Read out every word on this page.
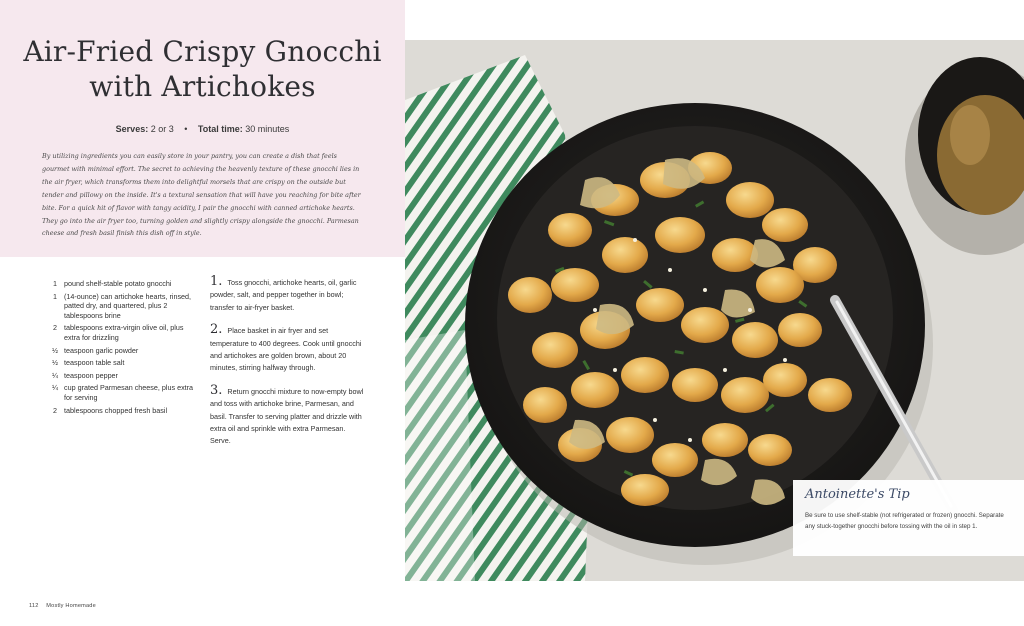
Air-Fried Crispy Gnocchi
with Artichokes
Serves: 2 or 3 • Total time: 30 minutes

By utilizing ingredients you can easily store in your pantry, you can create a dish that feels gourmet with minimal effort. The secret to achieving the heavenly texture of these gnocchi lies in the air fryer, which transforms them into delightful morsels that are crispy on the outside but tender and pillowy on the inside. It's a textural sensation that will have you reaching for bite after bite. For a quick hit of flavor with tangy acidity, I pair the gnocchi with canned artichoke hearts. They go into the air fryer too, turning golden and slightly crispy alongside the gnocchi. Parmesan cheese and fresh basil finish this dish off in style.

1 pound shelf-stable potato gnocchi
1 (14-ounce) can artichoke hearts, rinsed, patted dry, and quartered, plus 2 tablespoons brine
2 tablespoons extra-virgin olive oil, plus extra for drizzling
½ teaspoon garlic powder
½ teaspoon table salt
¼ teaspoon pepper
¼ cup grated Parmesan cheese, plus extra for serving
2 tablespoons chopped fresh basil

1. Toss gnocchi, artichoke hearts, oil, garlic powder, salt, and pepper together in bowl; transfer to air-fryer basket.

2. Place basket in air fryer and set temperature to 400 degrees. Cook until gnocchi and artichokes are golden brown, about 20 minutes, stirring halfway through.

3. Return gnocchi mixture to now-empty bowl and toss with artichoke brine, Parmesan, and basil. Transfer to serving platter and drizzle with extra oil and sprinkle with extra Parmesan. Serve.

112 Mostly Homemade
Antoinette's Tip

Be sure to use shelf-stable (not refrigerated or frozen) gnocchi. Separate any stuck-together gnocchi before tossing with the oil in step 1.
